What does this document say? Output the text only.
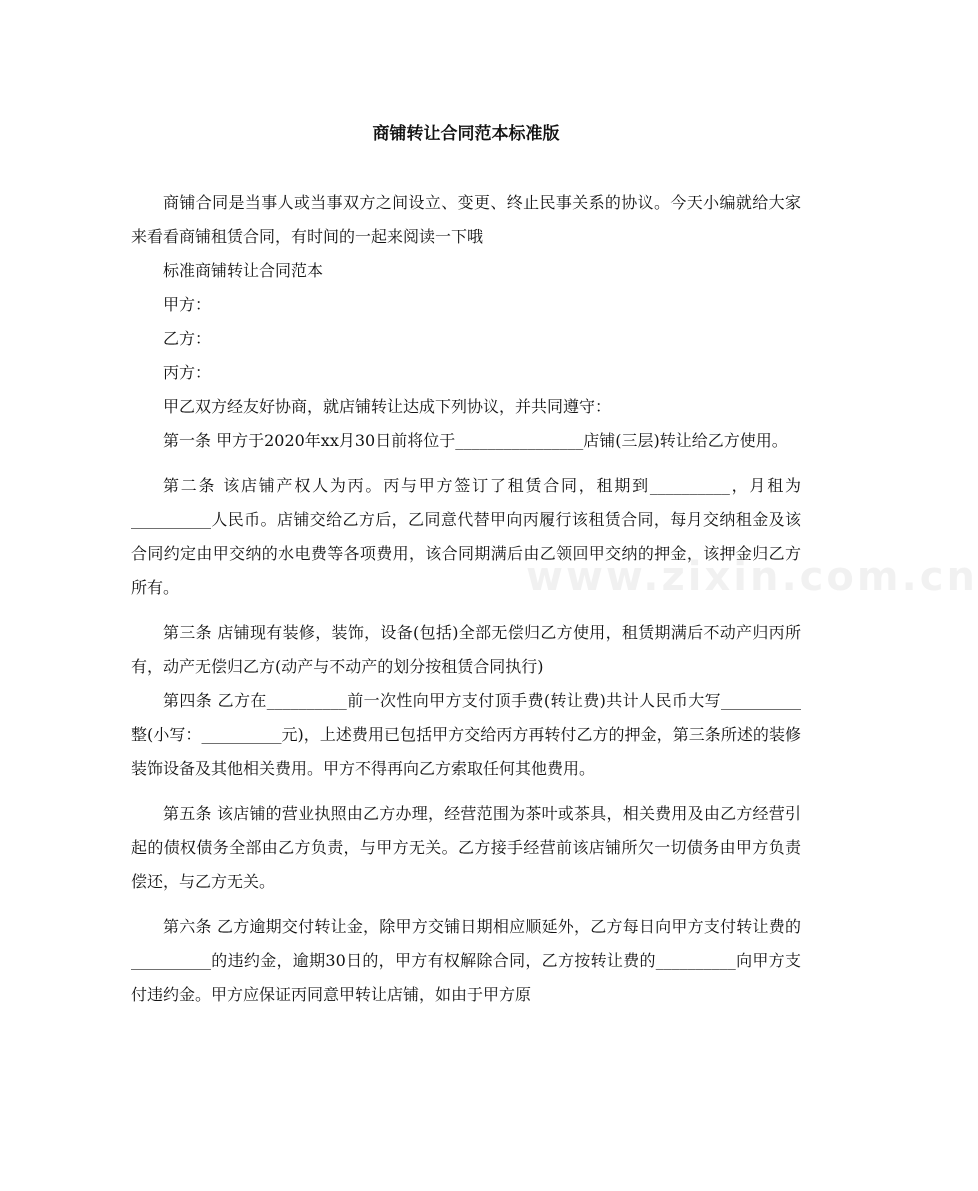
商铺转让合同范本标准版

商铺合同是当事人或当事双方之间设立、变更、终止民事关系的协议。今天小编就给大家来看看商铺租赁合同，有时间的一起来阅读一下哦

标准商铺转让合同范本

甲方：

乙方：

丙方：

甲乙双方经友好协商，就店铺转让达成下列协议，并共同遵守：

第一条 甲方于2020年xx月30日前将位于________________店铺(三层)转让给乙方使用。

第二条 该店铺产权人为丙。丙与甲方签订了租赁合同，租期到__________，月租为__________人民币。店铺交给乙方后，乙同意代替甲向丙履行该租赁合同，每月交纳租金及该合同约定由甲交纳的水电费等各项费用，该合同期满后由乙领回甲交纳的押金，该押金归乙方所有。

第三条 店铺现有装修，装饰，设备(包括)全部无偿归乙方使用，租赁期满后不动产归丙所有，动产无偿归乙方(动产与不动产的划分按租赁合同执行)

第四条 乙方在__________前一次性向甲方支付顶手费(转让费)共计人民币大写__________整(小写：__________元)，上述费用已包括甲方交给丙方再转付乙方的押金，第三条所述的装修装饰设备及其他相关费用。甲方不得再向乙方索取任何其他费用。

第五条 该店铺的营业执照由乙方办理，经营范围为茶叶或茶具，相关费用及由乙方经营引起的债权债务全部由乙方负责，与甲方无关。乙方接手经营前该店铺所欠一切债务由甲方负责偿还，与乙方无关。

第六条 乙方逾期交付转让金，除甲方交铺日期相应顺延外，乙方每日向甲方支付转让费的__________的违约金，逾期30日的，甲方有权解除合同，乙方按转让费的__________向甲方支付违约金。甲方应保证丙同意甲转让店铺，如由于甲方原

www.zixin.com.cn
